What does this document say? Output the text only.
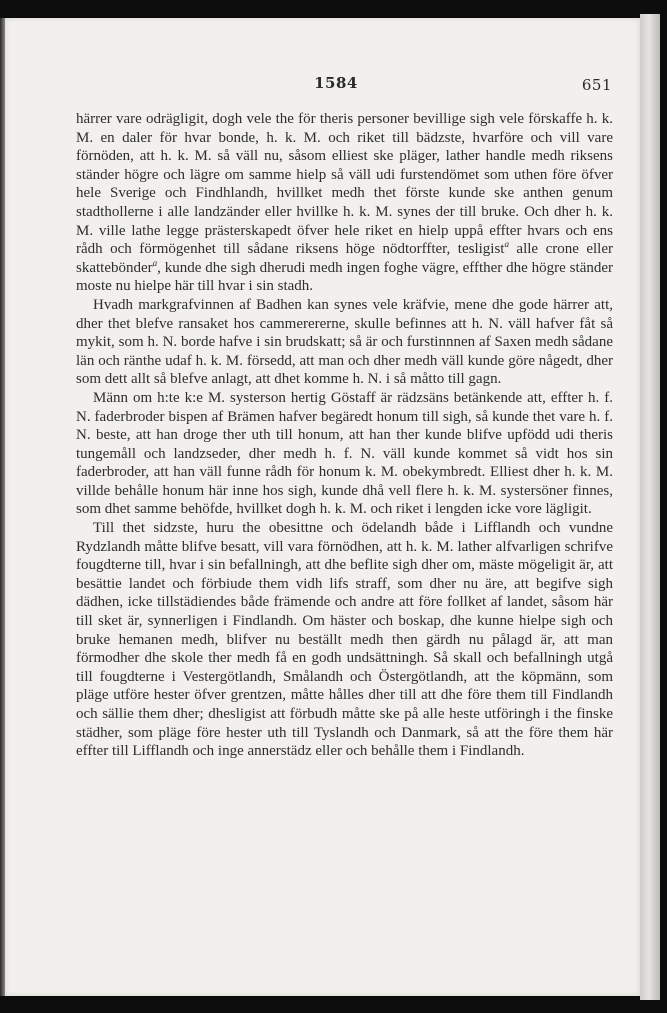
1584	651

härrer vare odrägligit, dogh vele the för theris personer bevillige sigh vele förskaffe h. k. M. en daler för hvar bonde, h. k. M. och riket till bädzste, hvarföre och vill vare förnöden, att h. k. M. så väll nu, såsom elliest ske pläger, lather handle medh riksens ständer högre och lägre om samme hielp så väll udi furstendömet som uthen före öfver hele Sverige och Findhlandh, hvillket medh thet förste kunde ske anthen genum stadthollerne i alle landzänder eller hvillke h. k. M. synes der till bruke. Och dher h. k. M. ville lathe legge prästerskapedt öfver hele riket en hielp uppå effter hvars och ens rådh och förmögenhet till sådane riksens höge nödtorffter, tesligist$^a$ alle crone eller skattebönder$^a$, kunde dhe sigh dherudi medh ingen foghe vägre, effther dhe högre ständer moste nu hielpe här till hvar i sin stadh.

Hvadh markgrafvinnen af Badhen kan synes vele kräfvie, mene dhe gode härrer att, dher thet blefve ransaket hos cammerererne, skulle befinnes att h. N. väll hafver fåt så mykit, som h. N. borde hafve i sin brudskatt; så är och furstinnnen af Saxen medh sådane län och ränthe udaf h. k. M. försedd, att man och dher medh väll kunde göre någedt, dher som dett allt så blefve anlagt, att dhet komme h. N. i så måtto till gagn.

Männ om h:te k:e M. systerson hertig Göstaff är rädzsäns betänkende att, effter h. f. N. faderbroder bispen af Brämen hafver begäredt honum till sigh, så kunde thet vare h. f. N. beste, att han droge ther uth till honum, att han ther kunde blifve upfödd udi theris tungemåll och landzseder, dher medh h. f. N. väll kunde kommet så vidt hos sin faderbroder, att han väll funne rådh för honum k. M. obekymbredt. Elliest dher h. k. M. villde behålle honum här inne hos sigh, kunde dhå vell flere h. k. M. systersöner finnes, som dhet samme behöfde, hvillket dogh h. k. M. och riket i lengden icke vore lägligit.

Till thet sidzste, huru the obesittne och ödelandh både i Lifflandh och vundne Rydzlandh måtte blifve besatt, vill vara förnödhen, att h. k. M. lather alfvarligen schrifve fougdterne till, hvar i sin befallningh, att dhe beflite sigh dher om, mäste mögeligit är, att besättie landet och förbiude them vidh lifs straff, som dher nu äre, att begifve sigh dädhen, icke tillstädiendes både främende och andre att före follket af landet, såsom här till sket är, synnerligen i Findlandh. Om häster och boskap, dhe kunne hielpe sigh och bruke hemanen medh, blifver nu beställt medh then gärdh nu pålagd är, att man förmodher dhe skole ther medh få en godh undsättningh. Så skall och befallningh utgå till fougdterne i Vestergötlandh, Smålandh och Östergötlandh, att the köpmänn, som pläge utföre hester öfver grentzen, måtte hålles dher till att dhe före them till Findlandh och sällie them dher; dhesligist att förbudh måtte ske på alle heste utföringh i the finske städher, som pläge före hester uth till Tyslandh och Danmark, så att the före them här effter till Lifflandh och inge annerstädz eller och behålle them i Findlandh.
